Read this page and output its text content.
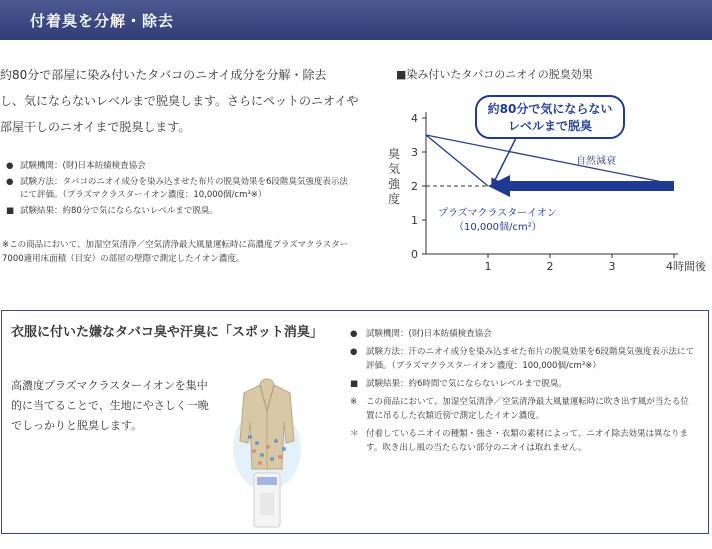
付着臭を分解・除去

約80分で部屋に染み付いたタバコのニオイ成分を分解・除去

し、気にならないレベルまで脱臭します。さらにペットのニオイや

部屋干しのニオイまで脱臭します。

● 試験機関：(財)日本紡績検査協会
● 試験方法：タバコのニオイ成分を染み込ませた布片の脱臭効果を6段階臭気強度表示法にて評価。（プラズマクラスターイオン濃度：10,000個/cm³※）
■ 試験結果：約80分で気にならないレベルまで脱臭。
※この商品において、加湿空気清浄／空気清浄最大風量運転時に高濃度プラズマクラスター7000適用床面積（目安）の部屋の壁際で測定したイオン濃度。
■染み付いたタバコのニオイの脱臭効果
臭
気
強
度
0
1
2
3
4
1	2	3	4時間後
自然減衰
プラズマクラスターイオン
（10,000個/cm²）
約80分で気にならない
レベルまで脱臭
衣服に付いた嫌なタバコ臭や汗臭に「スポット消臭」

高濃度プラズマクラスターイオンを集中

的に当てることで、生地にやさしく一晩

でしっかりと脱臭します。

● 試験機関：(財)日本紡績検査協会
● 試験方法：汗のニオイ成分を染み込ませた布片の脱臭効果を6段階臭気強度表示法にて評価。（プラズマクラスターイオン濃度：100,000個/cm³※）
■ 試験結果：約6時間で気にならないレベルまで脱臭。
※ この商品において、加湿空気清浄／空気清浄最大風量運転時に吹き出す風が当たる位置に吊るした衣類近傍で測定したイオン濃度。
＊ 付着しているニオイの種類・強さ・衣類の素材によって、ニオイ除去効果は異なります。吹き出し風の当たらない部分のニオイは取れません。
